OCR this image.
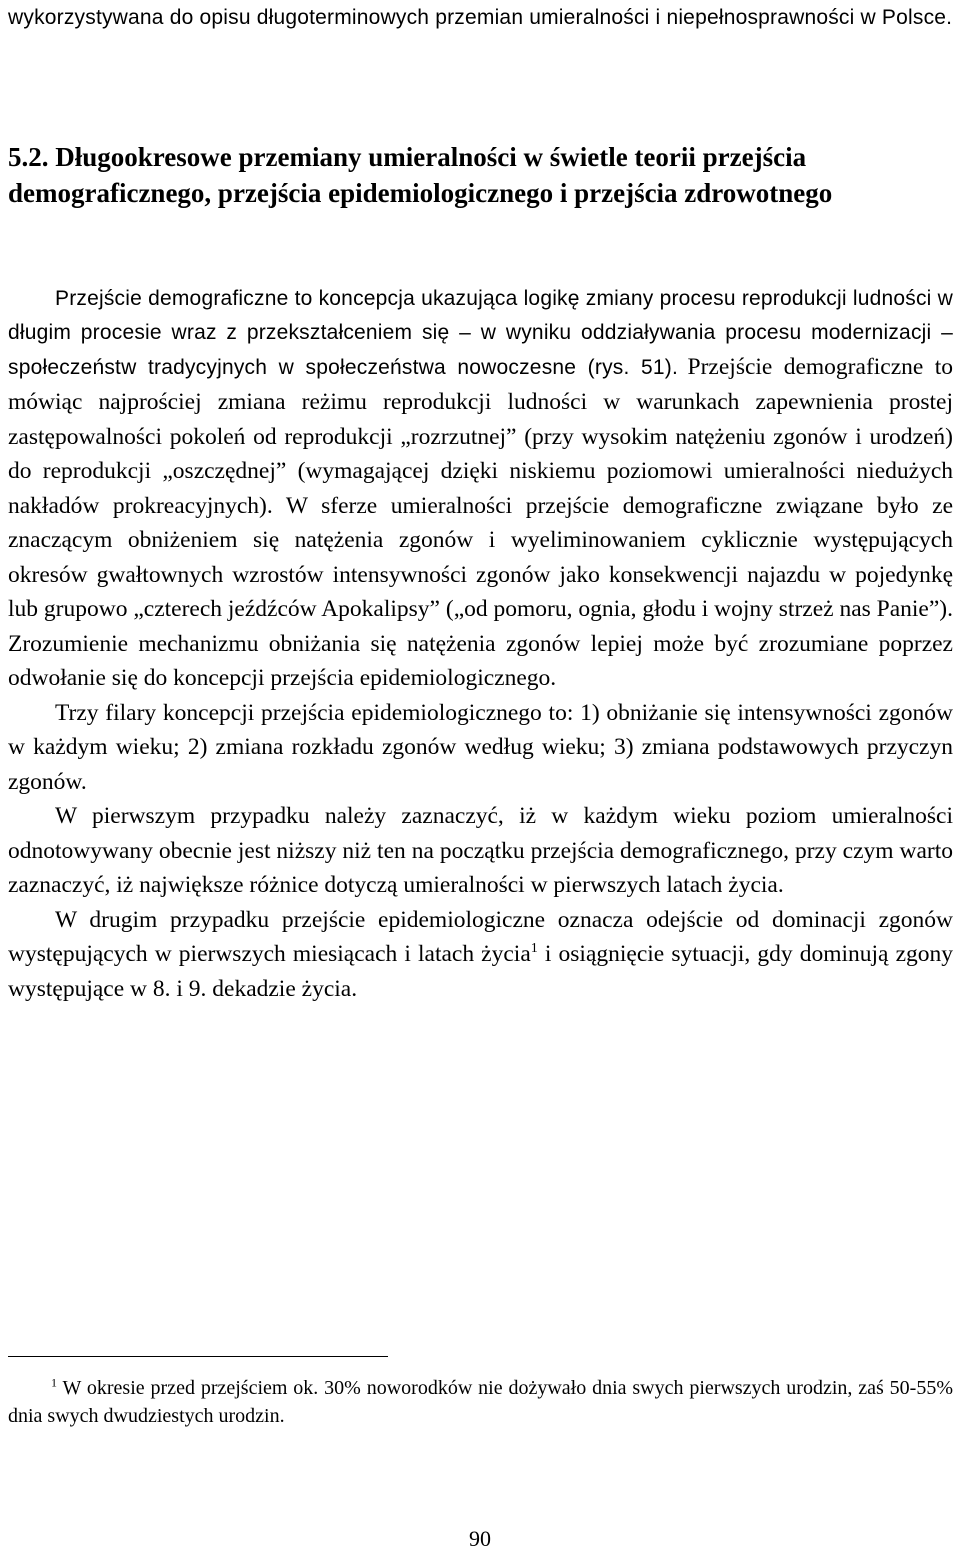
wykorzystywana do opisu długoterminowych przemian umieralności i niepełnosprawności w Polsce.

5.2. Długookresowe przemiany umieralności w świetle teorii przejścia demograficznego, przejścia epidemiologicznego i przejścia zdrowotnego

Przejście demograficzne to koncepcja ukazująca logikę zmiany procesu reprodukcji ludności w długim procesie wraz z przekształceniem się – w wyniku oddziaływania procesu modernizacji – społeczeństw tradycyjnych w społeczeństwa nowoczesne (rys. 51). Przejście demograficzne to mówiąc najprościej zmiana reżimu reprodukcji ludności w warunkach zapewnienia prostej zastępowalności pokoleń od reprodukcji „rozrzutnej” (przy wysokim natężeniu zgonów i urodzeń) do reprodukcji „oszczędnej” (wymagającej dzięki niskiemu poziomowi umieralności niedużych nakładów prokreacyjnych). W sferze umieralności przejście demograficzne związane było ze znaczącym obniżeniem się natężenia zgonów i wyeliminowaniem cyklicznie występujących okresów gwałtownych wzrostów intensywności zgonów jako konsekwencji najazdu w pojedynkę lub grupowo „czterech jeźdźców Apokalipsy” („od pomoru, ognia, głodu i wojny strzeż nas Panie”). Zrozumienie mechanizmu obniżania się natężenia zgonów lepiej może być zrozumiane poprzez odwołanie się do koncepcji przejścia epidemiologicznego.

Trzy filary koncepcji przejścia epidemiologicznego to: 1) obniżanie się intensywności zgonów w każdym wieku; 2) zmiana rozkładu zgonów według wieku; 3) zmiana podstawowych przyczyn zgonów.

W pierwszym przypadku należy zaznaczyć, iż w każdym wieku poziom umieralności odnotowywany obecnie jest niższy niż ten na początku przejścia demograficznego, przy czym warto zaznaczyć, iż największe różnice dotyczą umieralności w pierwszych latach życia.

W drugim przypadku przejście epidemiologiczne oznacza odejście od dominacji zgonów występujących w pierwszych miesiącach i latach życia$^1$ i osiągnięcie sytuacji, gdy dominują zgony występujące w 8. i 9. dekadzie życia.

$^1$ W okresie przed przejściem ok. 30% noworodków nie dożywało dnia swych pierwszych urodzin, zaś 50-55% dnia swych dwudziestych urodzin.

90
